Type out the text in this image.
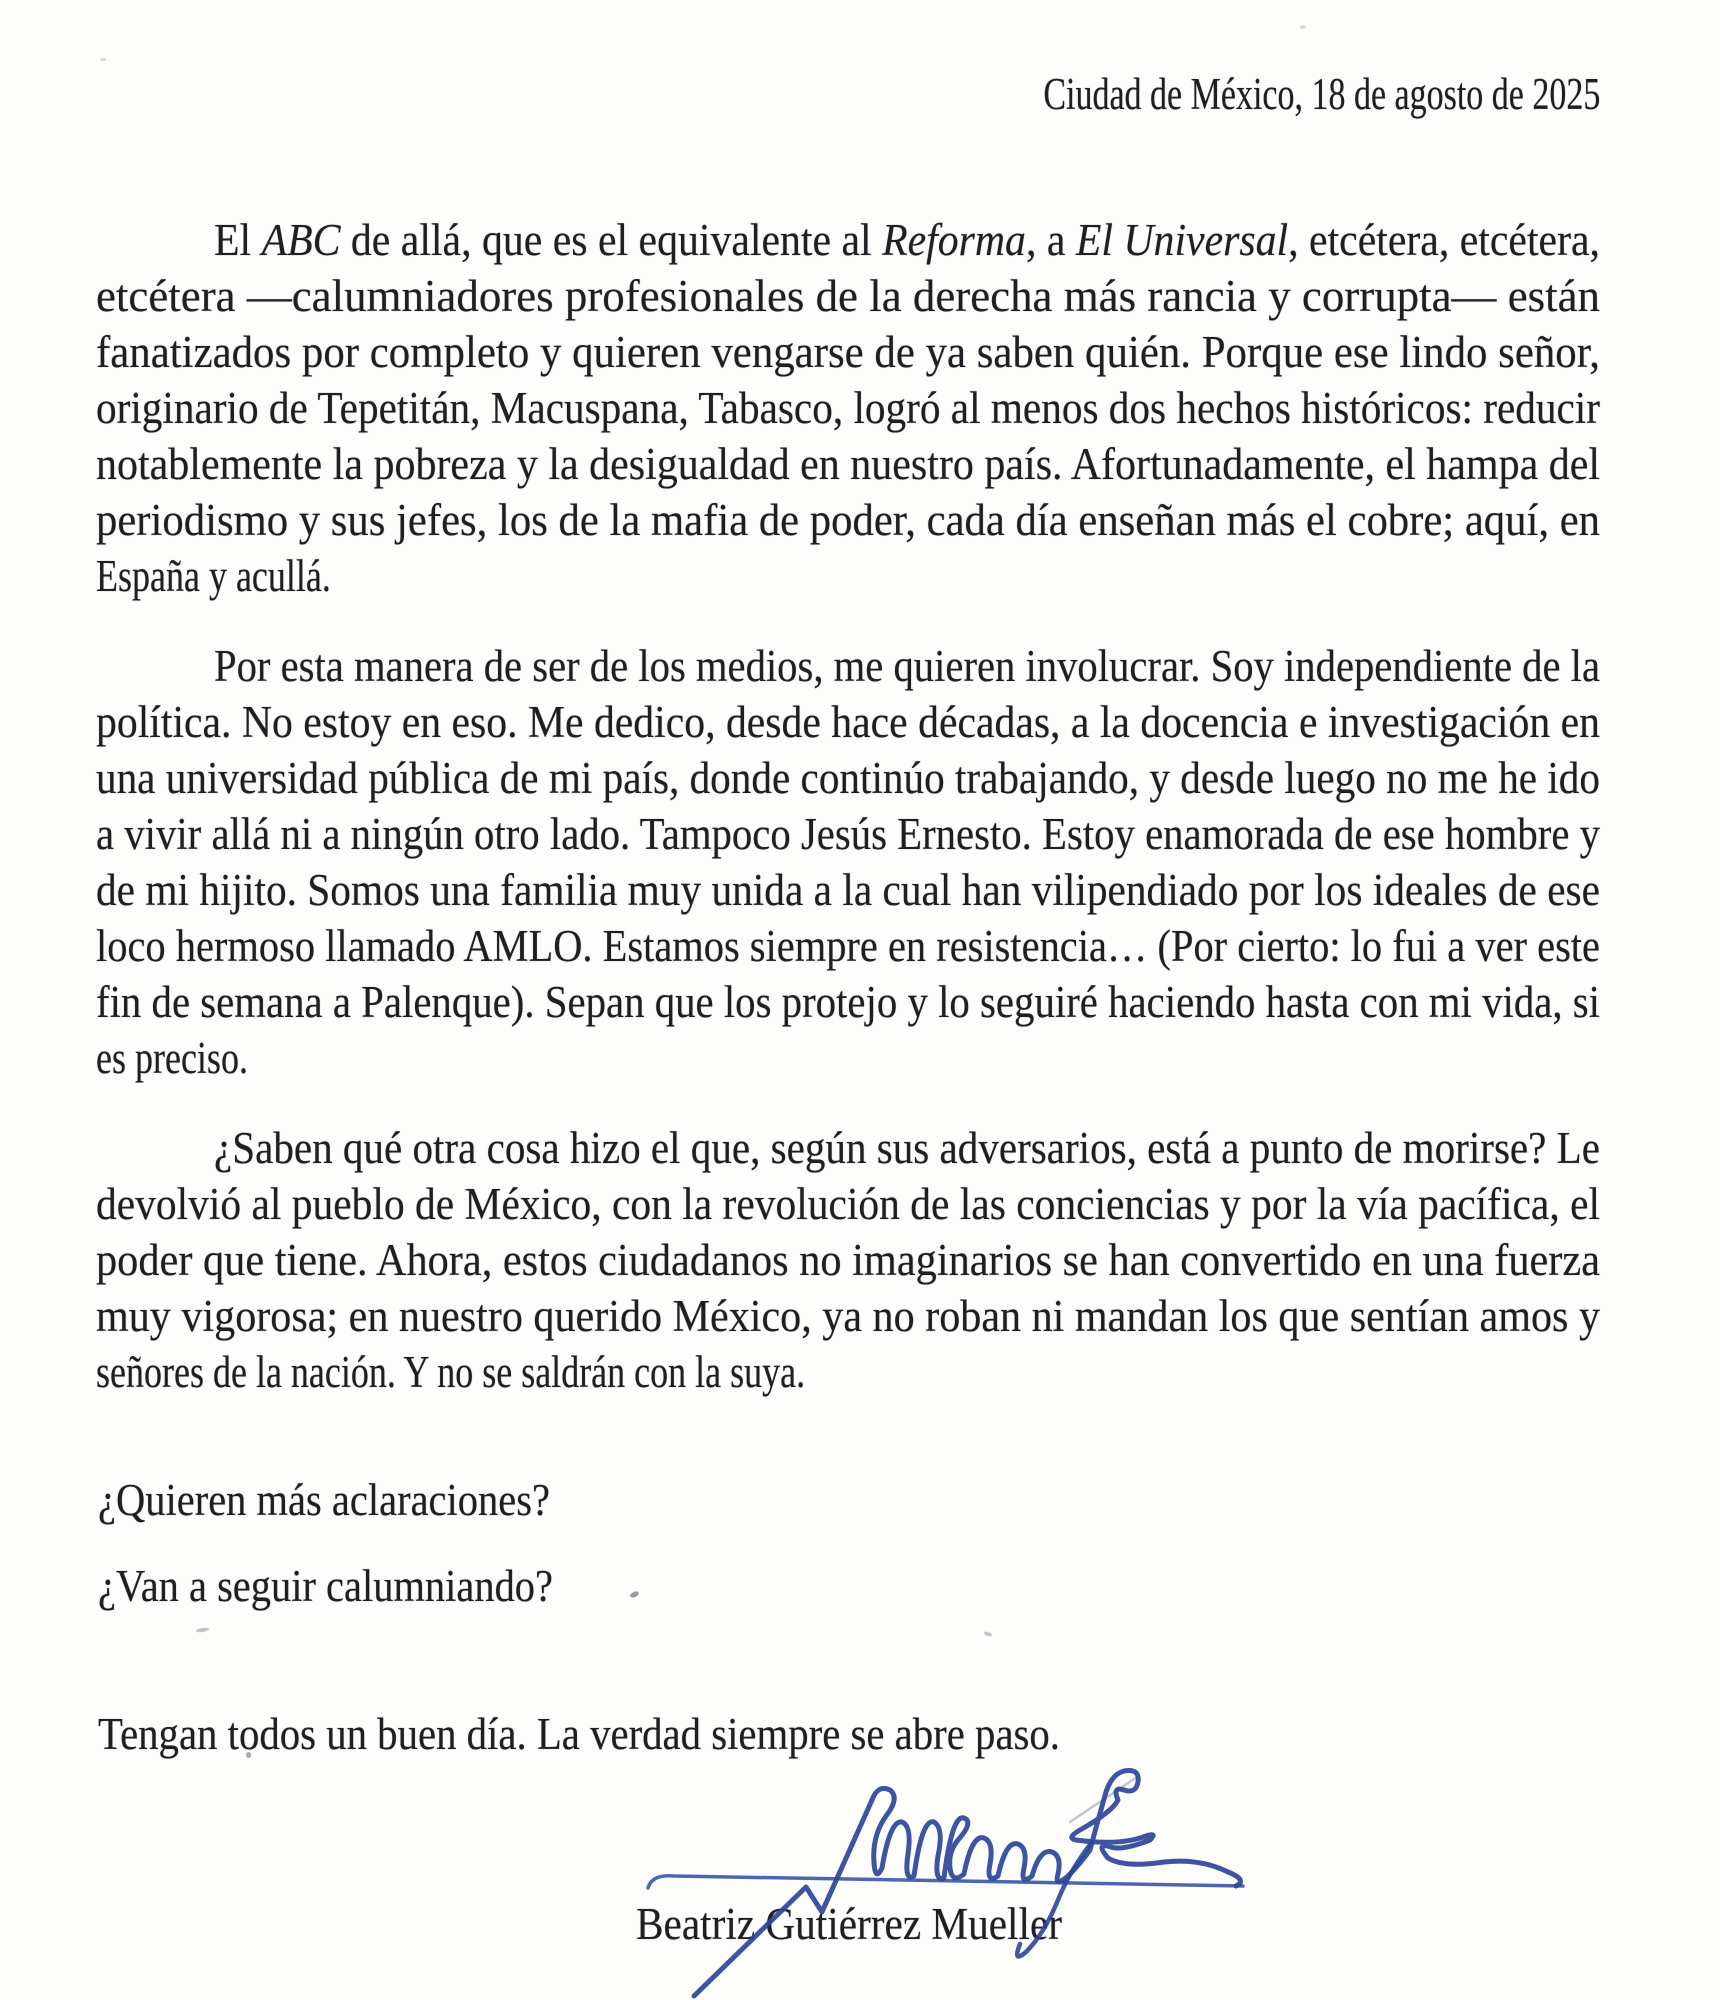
Ciudad de México, 18 de agosto de 2025
El ABC de allá, que es el equivalente al Reforma, a El Universal, etcétera, etcétera,
etcétera —calumniadores profesionales de la derecha más rancia y corrupta— están
fanatizados por completo y quieren vengarse de ya saben quién. Porque ese lindo señor,
originario de Tepetitán, Macuspana, Tabasco, logró al menos dos hechos históricos: reducir
notablemente la pobreza y la desigualdad en nuestro país. Afortunadamente, el hampa del
periodismo y sus jefes, los de la mafia de poder, cada día enseñan más el cobre; aquí, en
España y acullá.
Por esta manera de ser de los medios, me quieren involucrar. Soy independiente de la
política. No estoy en eso. Me dedico, desde hace décadas, a la docencia e investigación en
una universidad pública de mi país, donde continúo trabajando, y desde luego no me he ido
a vivir allá ni a ningún otro lado. Tampoco Jesús Ernesto. Estoy enamorada de ese hombre y
de mi hijito. Somos una familia muy unida a la cual han vilipendiado por los ideales de ese
loco hermoso llamado AMLO. Estamos siempre en resistencia… (Por cierto: lo fui a ver este
fin de semana a Palenque). Sepan que los protejo y lo seguiré haciendo hasta con mi vida, si
es preciso.
¿Saben qué otra cosa hizo el que, según sus adversarios, está a punto de morirse? Le
devolvió al pueblo de México, con la revolución de las conciencias y por la vía pacífica, el
poder que tiene. Ahora, estos ciudadanos no imaginarios se han convertido en una fuerza
muy vigorosa; en nuestro querido México, ya no roban ni mandan los que sentían amos y
señores de la nación. Y no se saldrán con la suya.
¿Quieren más aclaraciones?
¿Van a seguir calumniando?
Tengan todos un buen día. La verdad siempre se abre paso.
Beatriz Gutiérrez Mueller
